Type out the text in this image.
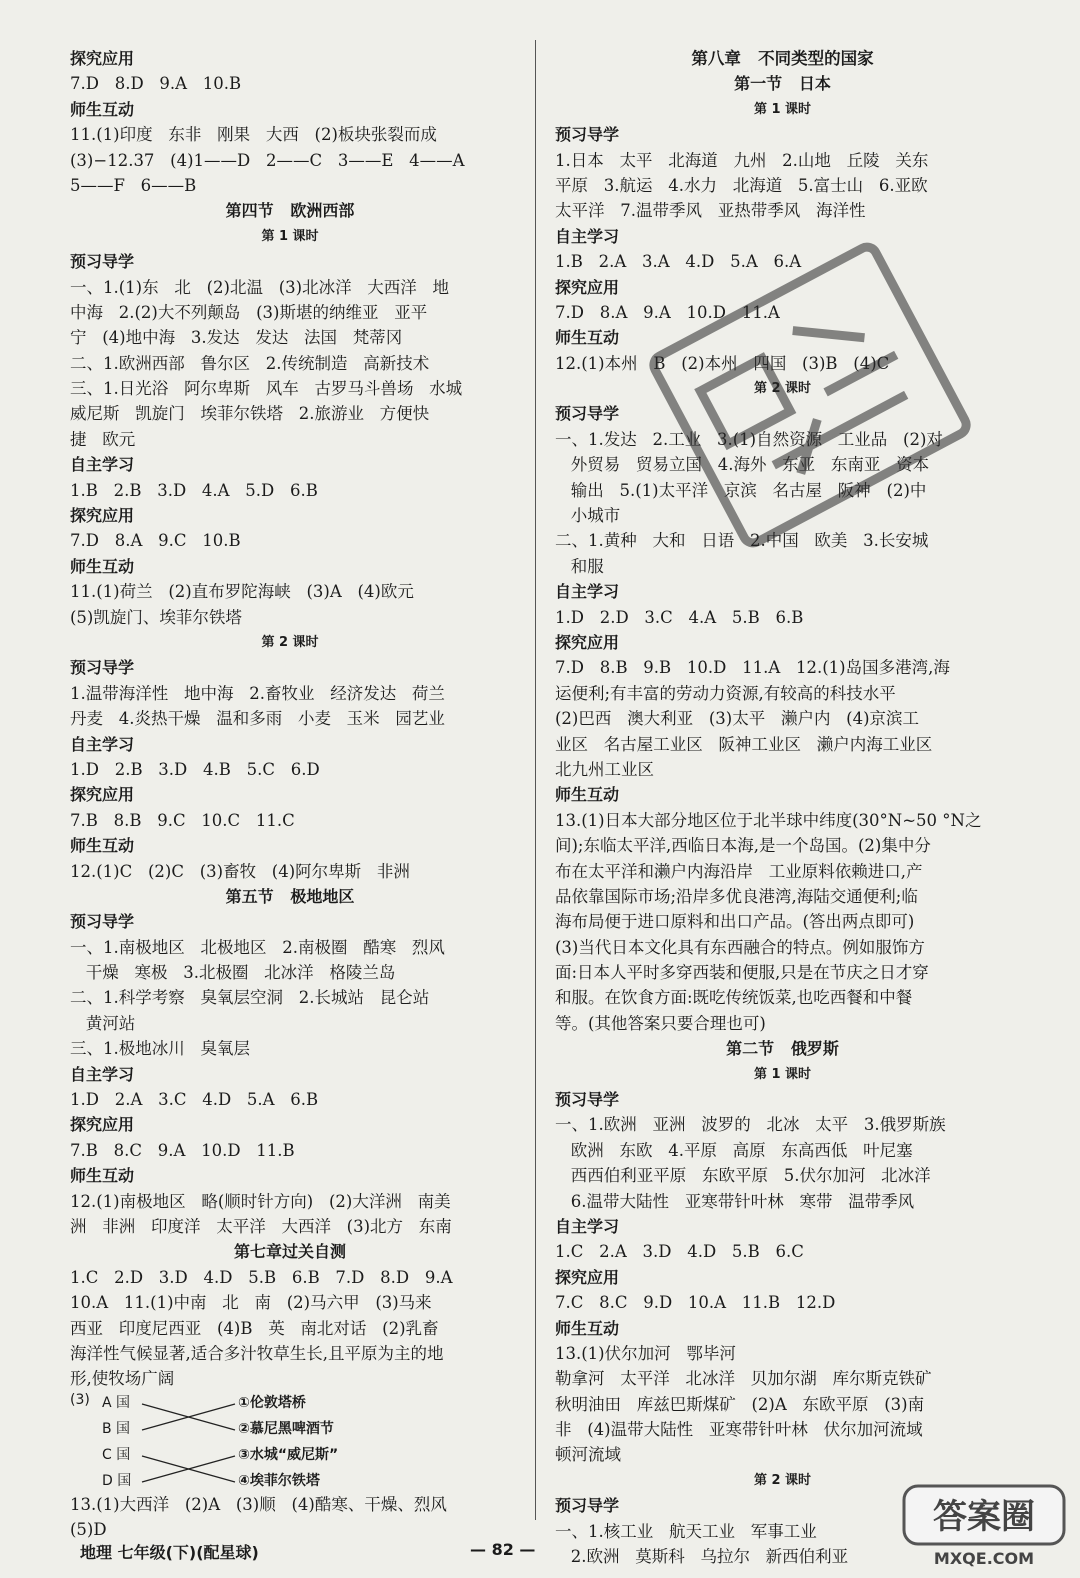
探究应用
7.D   8.D   9.A   10.B
师生互动
11.(1)印度   东非   刚果   大西   (2)板块张裂而成
(3)−12.37   (4)1——D   2——C   3——E   4——A
5——F   6——B
第四节   欧洲西部
第 1 课时
预习导学
一、1.(1)东   北   (2)北温   (3)北冰洋   大西洋   地
中海   2.(2)大不列颠岛   (3)斯堪的纳维亚   亚平
宁   (4)地中海   3.发达   发达   法国   梵蒂冈
二、1.欧洲西部   鲁尔区   2.传统制造   高新技术
三、1.日光浴   阿尔卑斯   风车   古罗马斗兽场   水城
威尼斯   凯旋门   埃菲尔铁塔   2.旅游业   方便快
捷   欧元
自主学习
1.B   2.B   3.D   4.A   5.D   6.B
探究应用
7.D   8.A   9.C   10.B
师生互动
11.(1)荷兰   (2)直布罗陀海峡   (3)A   (4)欧元
(5)凯旋门、埃菲尔铁塔
第 2 课时
预习导学
1.温带海洋性   地中海   2.畜牧业   经济发达   荷兰
丹麦   4.炎热干燥   温和多雨   小麦   玉米   园艺业
自主学习
1.D   2.B   3.D   4.B   5.C   6.D
探究应用
7.B   8.B   9.C   10.C   11.C
师生互动
12.(1)C   (2)C   (3)畜牧   (4)阿尔卑斯   非洲
第五节   极地地区
预习导学
一、1.南极地区   北极地区   2.南极圈   酷寒   烈风
干燥   寒极   3.北极圈   北冰洋   格陵兰岛
二、1.科学考察   臭氧层空洞   2.长城站   昆仑站
黄河站
三、1.极地冰川   臭氧层
自主学习
1.D   2.A   3.C   4.D   5.A   6.B
探究应用
7.B   8.C   9.A   10.D   11.B
师生互动
12.(1)南极地区   略(顺时针方向)   (2)大洋洲   南美
洲   非洲   印度洋   太平洋   大西洋   (3)北方   东南
第七章过关自测
1.C   2.D   3.D   4.D   5.B   6.B   7.D   8.D   9.A
10.A   11.(1)中南   北   南   (2)马六甲   (3)马来
西亚   印度尼西亚   (4)B   英   南北对话   (2)乳畜
海洋性气候显著,适合多汁牧草生长,且平原为主的地
形,使牧场广阔
(3) A 国	①伦敦塔桥
B 国	②慕尼黑啤酒节
C 国	③水城“威尼斯”
D 国	④埃菲尔铁塔
13.(1)大西洋   (2)A   (3)顺   (4)酷寒、干燥、烈风
(5)D
第八章   不同类型的国家
第一节   日本
第 1 课时
预习导学
1.日本   太平   北海道   九州   2.山地   丘陵   关东
平原   3.航运   4.水力   北海道   5.富士山   6.亚欧
太平洋   7.温带季风   亚热带季风   海洋性
自主学习
1.B   2.A   3.A   4.D   5.A   6.A
探究应用
7.D   8.A   9.A   10.D   11.A
师生互动
12.(1)本州   B   (2)本州   四国   (3)B   (4)C
第 2 课时
预习导学
一、1.发达   2.工业   3.(1)自然资源   工业品   (2)对
外贸易   贸易立国   4.海外   东亚   东南亚   资本
输出   5.(1)太平洋   京滨   名古屋   阪神   (2)中
小城市
二、1.黄种   大和   日语   2.中国   欧美   3.长安城
和服
自主学习
1.D   2.D   3.C   4.A   5.B   6.B
探究应用
7.D   8.B   9.B   10.D   11.A   12.(1)岛国多港湾,海
运便利;有丰富的劳动力资源,有较高的科技水平
(2)巴西   澳大利亚   (3)太平   濑户内   (4)京滨工
业区   名古屋工业区   阪神工业区   濑户内海工业区
北九州工业区
师生互动
13.(1)日本大部分地区位于北半球中纬度(30°N~50 °N之
间);东临太平洋,西临日本海,是一个岛国。(2)集中分
布在太平洋和濑户内海沿岸   工业原料依赖进口,产
品依靠国际市场;沿岸多优良港湾,海陆交通便利;临
海布局便于进口原料和出口产品。(答出两点即可)
(3)当代日本文化具有东西融合的特点。例如服饰方
面:日本人平时多穿西装和便服,只是在节庆之日才穿
和服。在饮食方面:既吃传统饭菜,也吃西餐和中餐
等。(其他答案只要合理也可)
第二节   俄罗斯
第 1 课时
预习导学
一、1.欧洲   亚洲   波罗的   北冰   太平   3.俄罗斯族
欧洲   东欧   4.平原   高原   东高西低   叶尼塞
西西伯利亚平原   东欧平原   5.伏尔加河   北冰洋
6.温带大陆性   亚寒带针叶林   寒带   温带季风
自主学习
1.C   2.A   3.D   4.D   5.B   6.C
探究应用
7.C   8.C   9.D   10.A   11.B   12.D
师生互动
13.(1)伏尔加河   鄂毕河
勒拿河   太平洋   北冰洋   贝加尔湖   库尔斯克铁矿
秋明油田   库兹巴斯煤矿   (2)A   东欧平原   (3)南
非   (4)温带大陆性   亚寒带针叶林   伏尔加河流域
顿河流域
第 2 课时
预习导学
一、1.核工业   航天工业   军事工业
2.欧洲   莫斯科   乌拉尔   新西伯利亚
地理 七年级(下)(配星球)	— 82 —
答案圈
MXQE.COM
